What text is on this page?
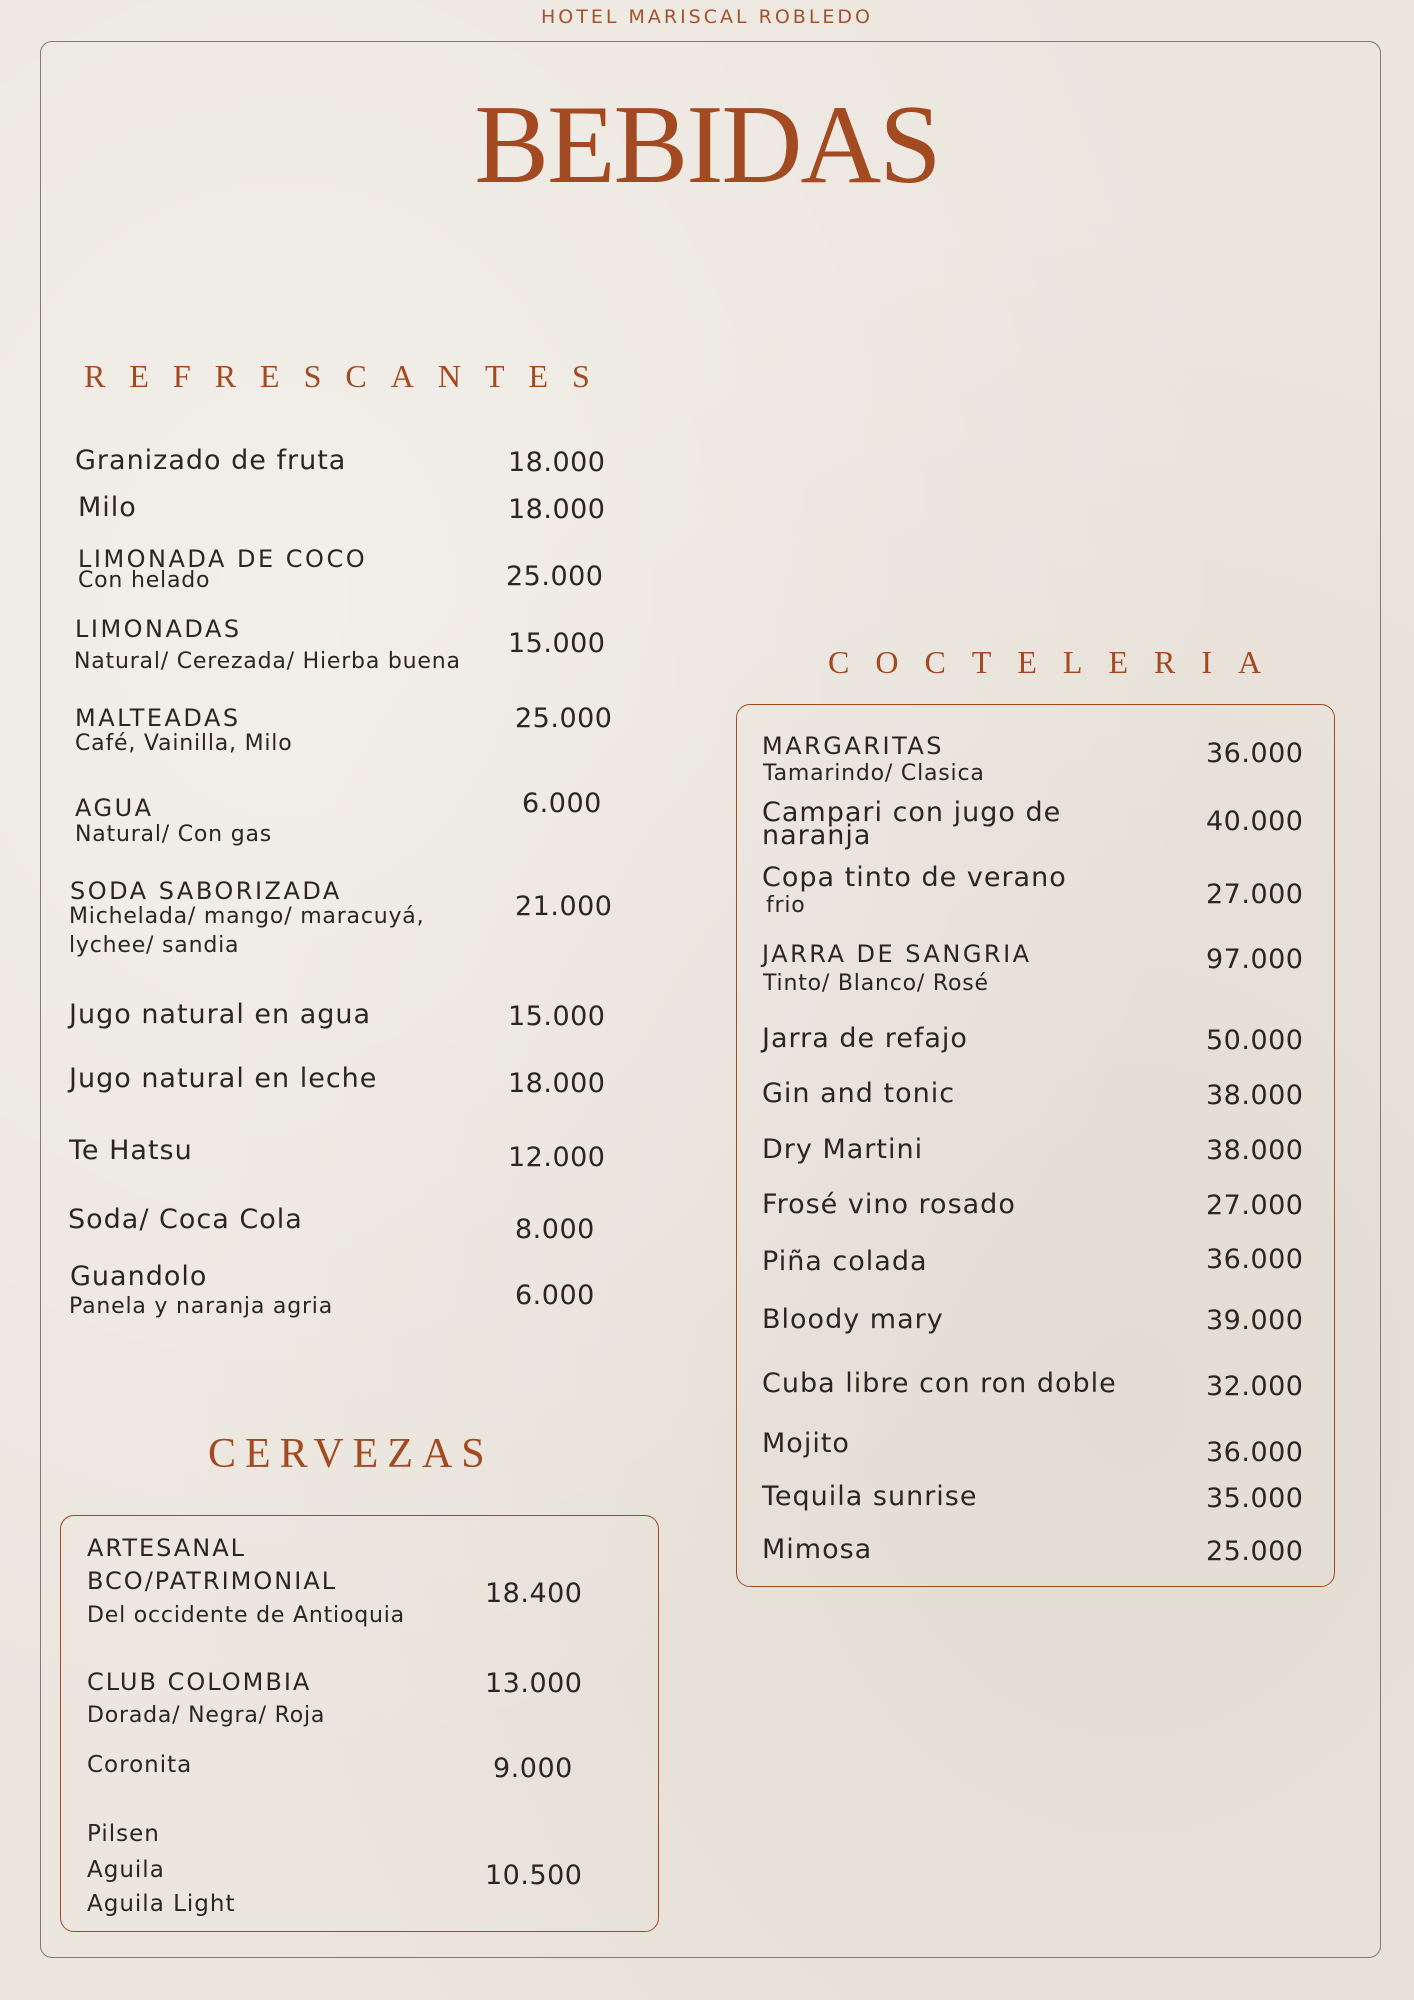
HOTEL MARISCAL ROBLEDO
BEBIDAS
REFRESCANTES
Granizado de fruta	18.000
Milo	18.000
LIMONADA DE COCO
Con helado	25.000
LIMONADAS
Natural/ Cerezada/ Hierba buena
15.000
MALTEADAS
Café, Vainilla, Milo
25.000
AGUA
Natural/ Con gas
6.000
SODA SABORIZADA
Michelada/ mango/ maracuyá,
lychee/ sandia
21.000
Jugo natural en agua	15.000
Jugo natural en leche	18.000
Te Hatsu	12.000
Soda/ Coca Cola	8.000
Guandolo
Panela y naranja agria	6.000
COCTELERIA
MARGARITAS
Tamarindo/ Clasica
36.000
Campari con jugo de
naranja	40.000
Copa tinto de verano
frio	27.000
JARRA DE SANGRIA
Tinto/ Blanco/ Rosé
97.000
Jarra de refajo	50.000
Gin and tonic	38.000
Dry Martini	38.000
Frosé vino rosado	27.000
Piña colada	36.000
Bloody mary	39.000
Cuba libre con ron doble	32.000
Mojito	36.000
Tequila sunrise	35.000
Mimosa	25.000
CERVEZAS
ARTESANAL
BCO/PATRIMONIAL
Del occidente de Antioquia
18.400
CLUB COLOMBIA
Dorada/ Negra/ Roja
13.000
Coronita	9.000
Pilsen
Aguila
Aguila Light
10.500
